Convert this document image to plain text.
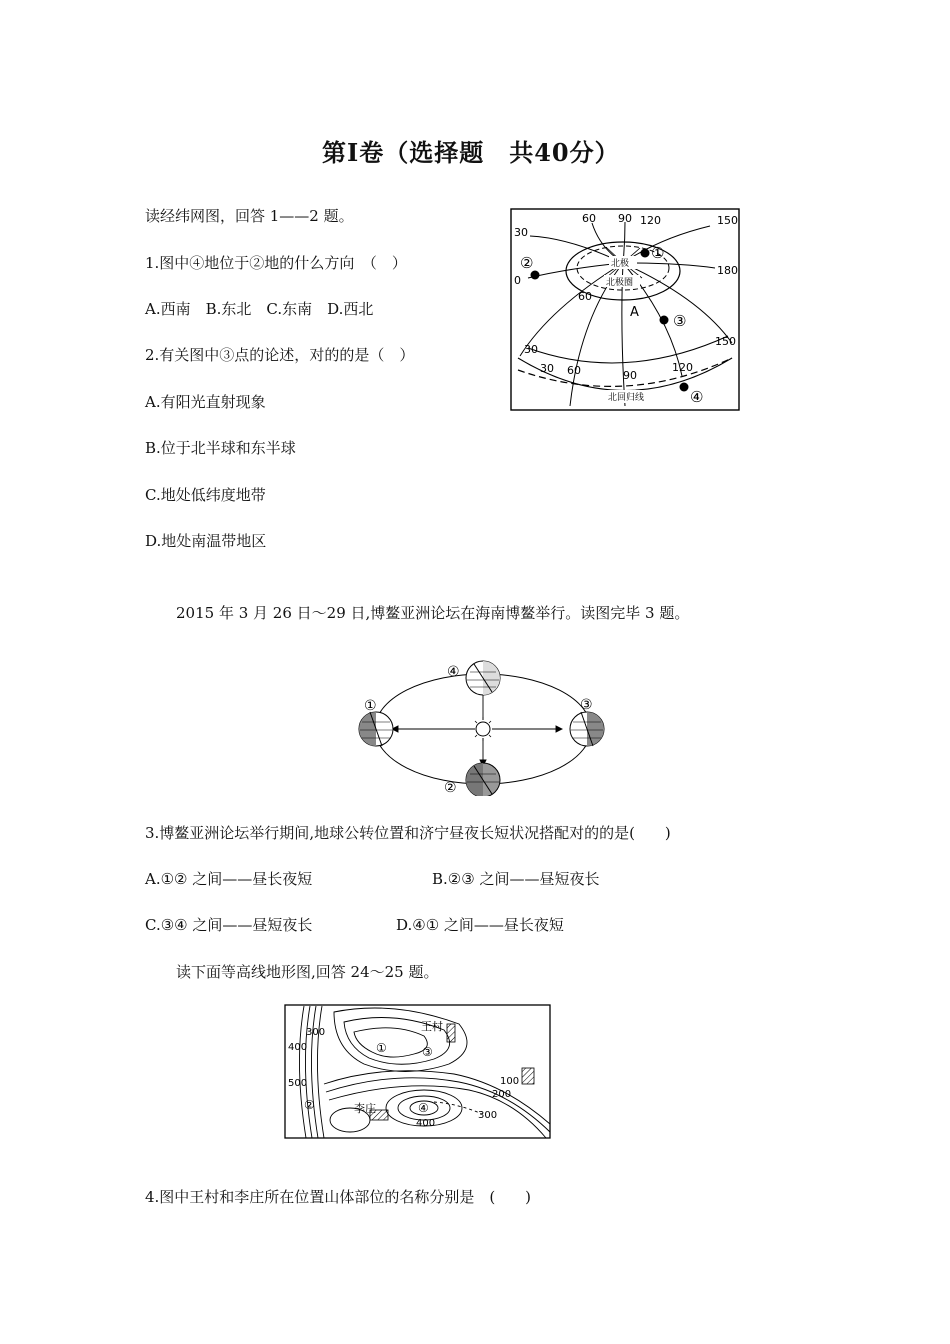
第Ⅰ卷（选择题　共40分）
读经纬网图，回答 1——2 题。
1.图中④地位于②地的什么方向　（　）
A.西南　B.东北　C.东南　D.西北
2.有关图中③点的论述，对的的是（　）
A.有阳光直射现象
B.位于北半球和东半球
C.地处低纬度地带
D.地处南温带地区
60 90 120	150
30
180
0
60
150
30
30 60	90
120
北极
北极圈
A
北回归线
①
②
③
④
2015 年 3 月 26 日～29 日,博鳌亚洲论坛在海南博鳌举行。读图完毕 3 题。
④
①	③
②
3.博鳌亚洲论坛举行期间,地球公转位置和济宁昼夜长短状况搭配对的的是(　　)
A.①② 之间——昼长夜短	B.②③ 之间——昼短夜长
C.③④ 之间——昼短夜长	D.④① 之间——昼长夜短
读下面等高线地形图,回答 24～25 题。
300
400
500	100
200
300
400
王村
李庄
①	③
②	④
4.图中王村和李庄所在位置山体部位的名称分别是　(　　)
